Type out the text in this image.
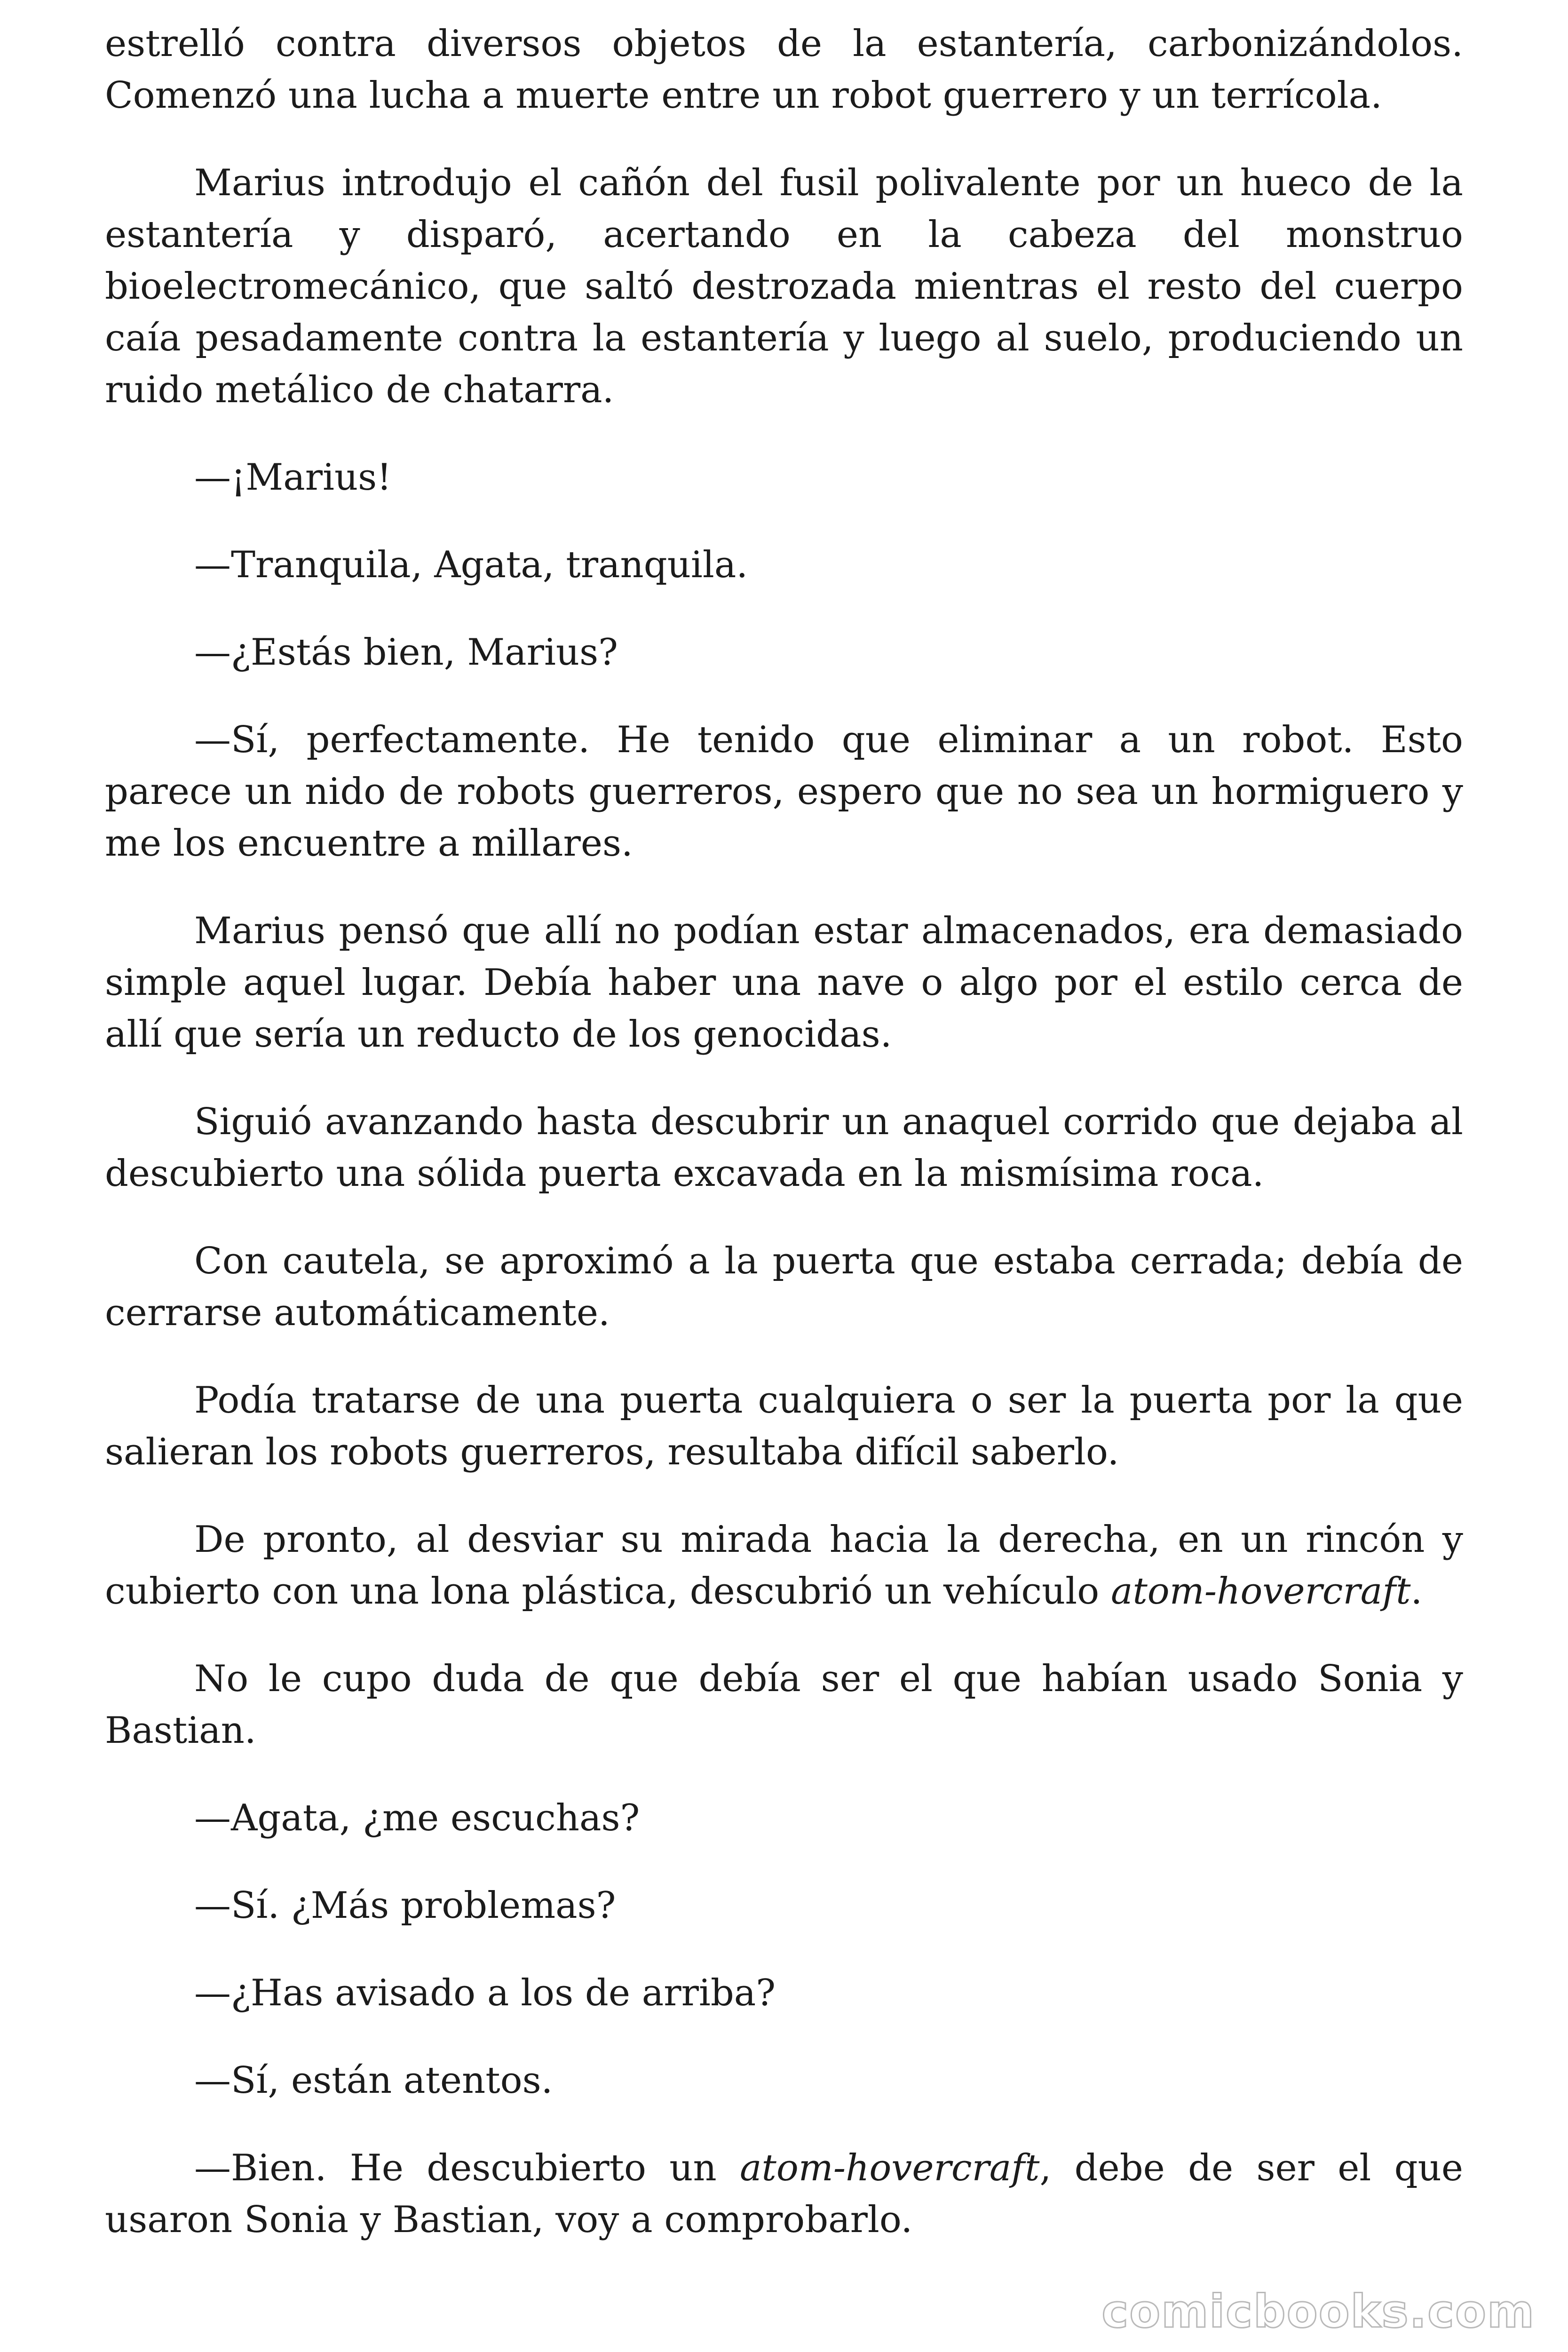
estrelló contra diversos objetos de la estantería, carbonizándolos. Comenzó una lucha a muerte entre un robot guerrero y un terrícola.

Marius introdujo el cañón del fusil polivalente por un hueco de la estantería y disparó, acertando en la cabeza del monstruo bioelectromecánico, que saltó destrozada mientras el resto del cuerpo caía pesadamente contra la estantería y luego al suelo, produciendo un ruido metálico de chatarra.

—¡Marius!

—Tranquila, Agata, tranquila.

—¿Estás bien, Marius?

—Sí, perfectamente. He tenido que eliminar a un robot. Esto parece un nido de robots guerreros, espero que no sea un hormiguero y me los encuentre a millares.

Marius pensó que allí no podían estar almacenados, era demasiado simple aquel lugar. Debía haber una nave o algo por el estilo cerca de allí que sería un reducto de los genocidas.

Siguió avanzando hasta descubrir un anaquel corrido que dejaba al descubierto una sólida puerta excavada en la mismísima roca.

Con cautela, se aproximó a la puerta que estaba cerrada; debía de cerrarse automáticamente.

Podía tratarse de una puerta cualquiera o ser la puerta por la que salieran los robots guerreros, resultaba difícil saberlo.

De pronto, al desviar su mirada hacia la derecha, en un rincón y cubierto con una lona plástica, descubrió un vehículo atom-hovercraft.

No le cupo duda de que debía ser el que habían usado Sonia y Bastian.

—Agata, ¿me escuchas?

—Sí. ¿Más problemas?

—¿Has avisado a los de arriba?

—Sí, están atentos.

—Bien. He descubierto un atom-hovercraft, debe de ser el que usaron Sonia y Bastian, voy a comprobarlo.

comicbooks.com
